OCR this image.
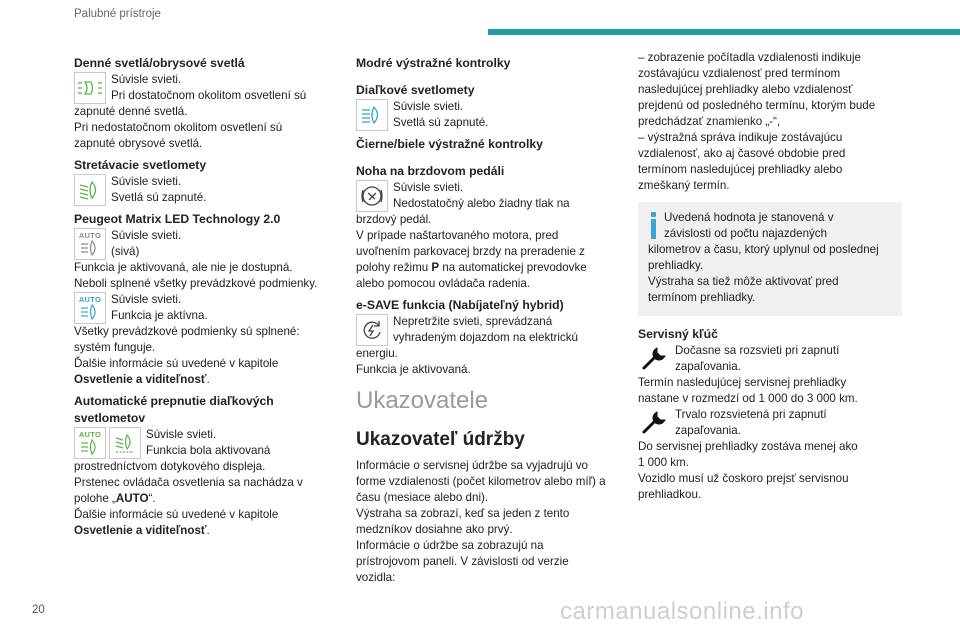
Palubné prístroje
Denné svetlá/obrysové svetlá

Súvisle svieti.

Pri dostatočnom okolitom osvetlení sú

zapnuté denné svetlá.

Pri nedostatočnom okolitom osvetlení sú

zapnuté obrysové svetlá.

Stretávacie svetlomety

Súvisle svieti.

Svetlá sú zapnuté.

Peugeot Matrix LED Technology 2.0
AUTO Súvisle svieti.

(sivá)

Funkcia je aktivovaná, ale nie je dostupná.

Neboli splnené všetky prevádzkové podmienky.

AUTO Súvisle svieti.

Funkcia je aktívna.

Všetky prevádzkové podmienky sú splnené:

systém funguje.

Ďalšie informácie sú uvedené v kapitole

Osvetlenie a viditeľnosť.

Automatické prepnutie diaľkových
svetlometov
AUTO	Súvisle svieti.

Funkcia bola aktivovaná

prostredníctvom dotykového displeja.

Prstenec ovládača osvetlenia sa nachádza v

polohe „AUTO“.

Ďalšie informácie sú uvedené v kapitole

Osvetlenie a viditeľnosť.

Modré výstražné kontrolky
Diaľkové svetlomety

Súvisle svieti.

Svetlá sú zapnuté.

Čierne/biele výstražné kontrolky
Noha na brzdovom pedáli

Súvisle svieti.

Nedostatočný alebo žiadny tlak na

brzdový pedál.

V prípade naštartovaného motora, pred

uvoľnením parkovacej brzdy na preradenie z

polohy režimu P na automatickej prevodovke

alebo pomocou ovládača radenia.

e-SAVE funkcia (Nabíjateľný hybrid)

Nepretržite svieti, sprevádzaná

vyhradeným dojazdom na elektrickú

energiu.

Funkcia je aktivovaná.

Ukazovatele
Ukazovateľ údržby

Informácie o servisnej údržbe sa vyjadrujú vo

forme vzdialenosti (počet kilometrov alebo míľ) a

času (mesiace alebo dni).

Výstraha sa zobrazí, keď sa jeden z tento

medzníkov dosiahne ako prvý.

Informácie o údržbe sa zobrazujú na

prístrojovom paneli. V závislosti od verzie

vozidla:

– zobrazenie počítadla vzdialenosti indikuje

zostávajúcu vzdialenosť pred termínom

nasledujúcej prehliadky alebo vzdialenosť

prejdenú od posledného termínu, ktorým bude

predchádzať znamienko „-“,

– výstražná správa indikuje zostávajúcu

vzdialenosť, ako aj časové obdobie pred

termínom nasledujúcej prehliadky alebo

zmeškaný termín.

Uvedená hodnota je stanovená v

závislosti od počtu najazdených

kilometrov a času, ktorý uplynul od poslednej

prehliadky.

Výstraha sa tiež môže aktivovať pred

termínom prehliadky.

Servisný kľúč

Dočasne sa rozsvieti pri zapnutí

zapaľovania.

Termín nasledujúcej servisnej prehliadky

nastane v rozmedzí od 1 000 do 3 000 km.

Trvalo rozsvietená pri zapnutí

zapaľovania.

Do servisnej prehliadky zostáva menej ako

1 000 km.

Vozidlo musí už čoskoro prejsť servisnou

prehliadkou.

20	carmanualsonline.info
